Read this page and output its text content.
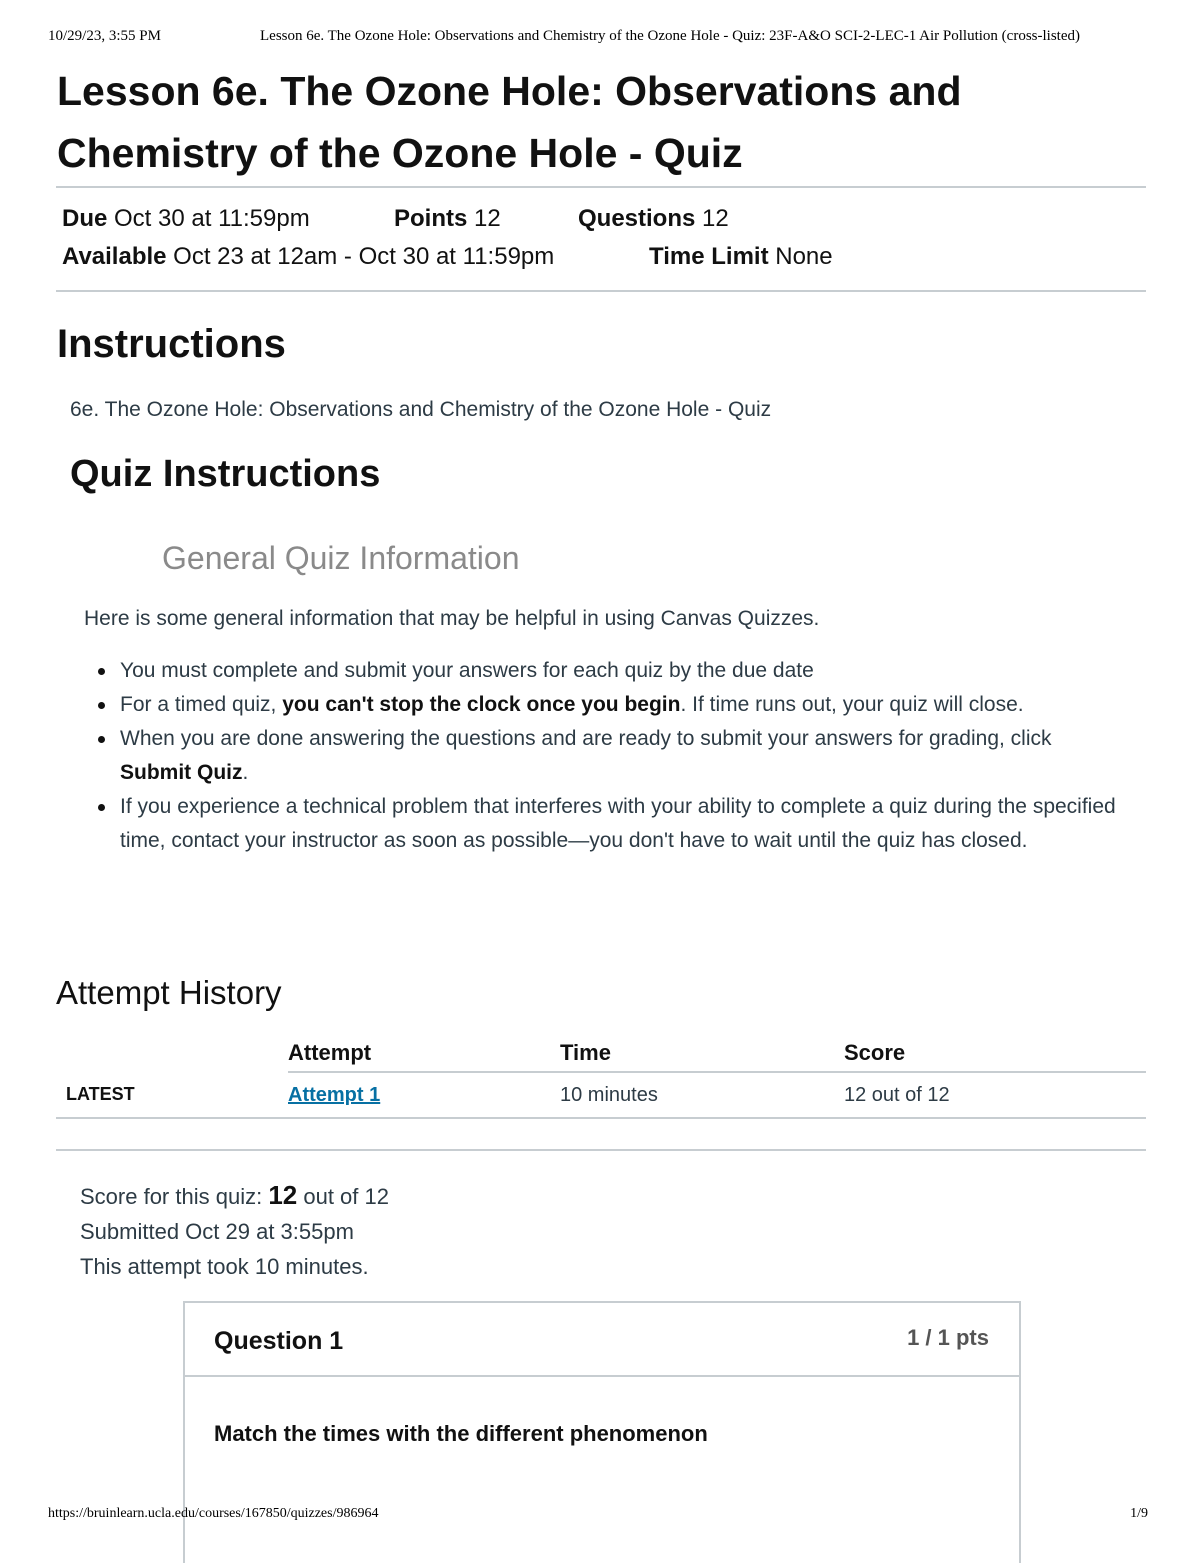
10/29/23, 3:55 PM	Lesson 6e. The Ozone Hole: Observations and Chemistry of the Ozone Hole - Quiz: 23F-A&O SCI-2-LEC-1 Air Pollution (cross-listed)
Lesson 6e. The Ozone Hole: Observations and
Chemistry of the Ozone Hole - Quiz
Due Oct 30 at 11:59pm	Points 12	Questions 12
Available Oct 23 at 12am - Oct 30 at 11:59pm	Time Limit None
Instructions
6e. The Ozone Hole: Observations and Chemistry of the Ozone Hole - Quiz
Quiz Instructions
General Quiz Information
Here is some general information that may be helpful in using Canvas Quizzes.
You must complete and submit your answers for each quiz by the due date
For a timed quiz, you can't stop the clock once you begin. If time runs out, your quiz will close.
When you are done answering the questions and are ready to submit your answers for grading, click Submit Quiz.
If you experience a technical problem that interferes with your ability to complete a quiz during the specified time, contact your instructor as soon as possible—you don't have to wait until the quiz has closed.
Attempt History
	Attempt	Time	Score
LATEST	Attempt 1	10 minutes	12 out of 12
Score for this quiz: 12 out of 12
Submitted Oct 29 at 3:55pm
This attempt took 10 minutes.
Question 1	1 / 1 pts
Match the times with the different phenomenon
https://bruinlearn.ucla.edu/courses/167850/quizzes/986964	1/9
